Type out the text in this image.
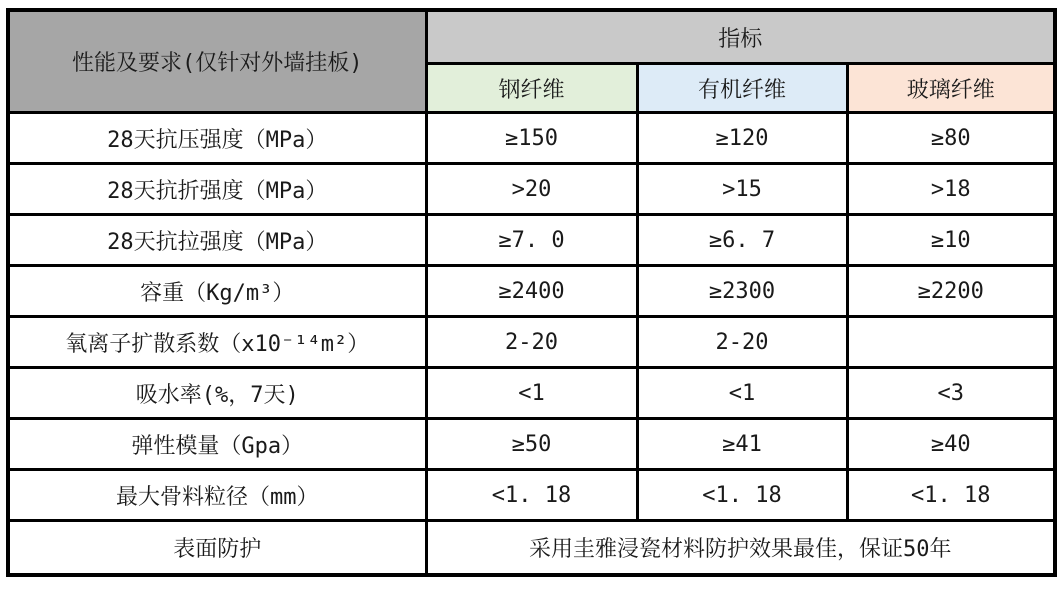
性能及要求(仅针对外墙挂板)	指标		
	钢纤维	有机纤维	玻璃纤维
28天抗压强度（MPa）	≥150	≥120	≥80
28天抗折强度（MPa）	>20	>15	>18
28天抗拉强度（MPa）	≥7. 0	≥6. 7	≥10
容重（Kg/m³）	≥2400	≥2300	≥2200
氧离子扩散系数（x10⁻¹⁴m²）	2-20	2-20	
吸水率(%，7天)	<1	<1	<3
弹性模量（Gpa）	≥50	≥41	≥40
最大骨料粒径（mm）	<1. 18	<1. 18	<1. 18
表面防护	采用圭雅浸瓷材料防护效果最佳，保证50年		
